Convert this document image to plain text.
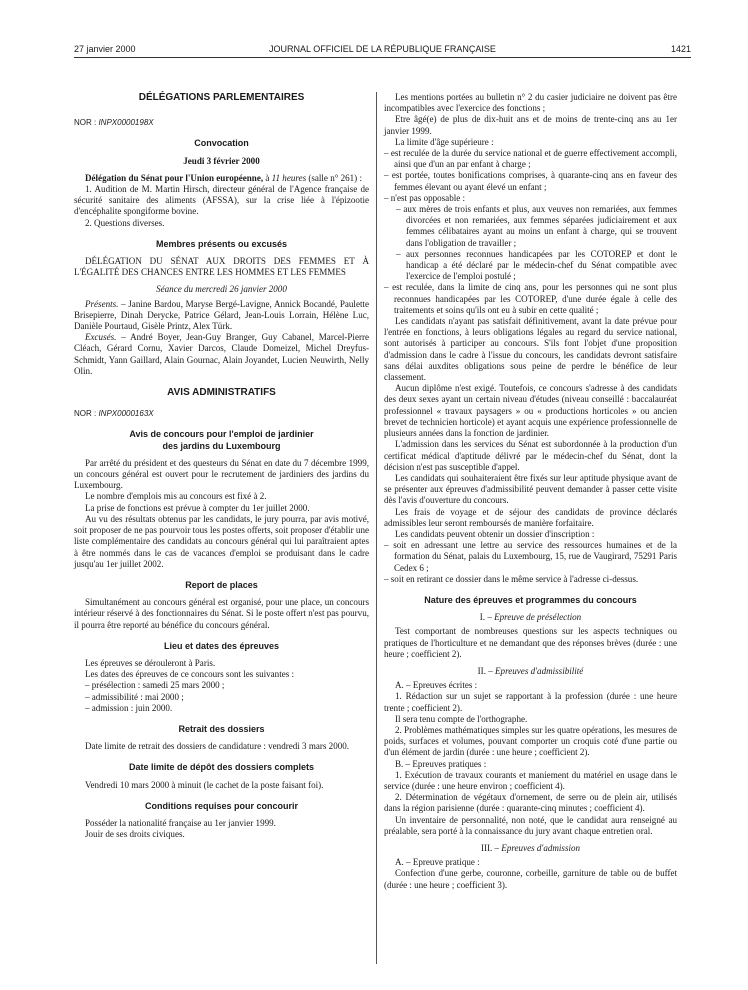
27 janvier 2000	JOURNAL OFFICIEL DE LA RÉPUBLIQUE FRANÇAISE	1421

DÉLÉGATIONS PARLEMENTAIRES

NOR : INPX0000198X

Convocation

Jeudi 3 février 2000

Délégation du Sénat pour l'Union européenne, à 11 heures (salle n° 261) :

1. Audition de M. Martin Hirsch, directeur général de l'Agence française de sécurité sanitaire des aliments (AFSSA), sur la crise liée à l'épizootie d'encéphalite spongiforme bovine.

2. Questions diverses.

Membres présents ou excusés

DÉLÉGATION DU SÉNAT AUX DROITS DES FEMMES ET À L'ÉGALITÉ DES CHANCES ENTRE LES HOMMES ET LES FEMMES

Séance du mercredi 26 janvier 2000

Présents. – Janine Bardou, Maryse Bergé-Lavigne, Annick Bocandé, Paulette Brisepierre, Dinah Derycke, Patrice Gélard, Jean-Louis Lorrain, Hélène Luc, Danièle Pourtaud, Gisèle Printz, Alex Türk.

Excusés. – André Boyer, Jean-Guy Branger, Guy Cabanel, Marcel-Pierre Cléach, Gérard Cornu, Xavier Darcos, Claude Domeizel, Michel Dreyfus-Schmidt, Yann Gaillard, Alain Gournac, Alain Joyandet, Lucien Neuwirth, Nelly Olin.

AVIS ADMINISTRATIFS

NOR : INPX0000163X

Avis de concours pour l'emploi de jardinier

des jardins du Luxembourg

Par arrêté du président et des questeurs du Sénat en date du 7 décembre 1999, un concours général est ouvert pour le recrutement de jardiniers des jardins du Luxembourg.

Le nombre d'emplois mis au concours est fixé à 2.

La prise de fonctions est prévue à compter du 1er juillet 2000.

Au vu des résultats obtenus par les candidats, le jury pourra, par avis motivé, soit proposer de ne pas pourvoir tous les postes offerts, soit proposer d'établir une liste complémentaire des candidats au concours général qui lui paraîtraient aptes à être nommés dans le cas de vacances d'emploi se produisant dans le cadre jusqu'au 1er juillet 2002.

Report de places

Simultanément au concours général est organisé, pour une place, un concours intérieur réservé à des fonctionnaires du Sénat. Si le poste offert n'est pas pourvu, il pourra être reporté au bénéfice du concours général.

Lieu et dates des épreuves

Les épreuves se dérouleront à Paris.

Les dates des épreuves de ce concours sont les suivantes :

– présélection : samedi 25 mars 2000 ;

– admissibilité : mai 2000 ;

– admission : juin 2000.

Retrait des dossiers

Date limite de retrait des dossiers de candidature : vendredi 3 mars 2000.

Date limite de dépôt des dossiers complets

Vendredi 10 mars 2000 à minuit (le cachet de la poste faisant foi).

Conditions requises pour concourir

Posséder la nationalité française au 1er janvier 1999.

Jouir de ses droits civiques.

Les mentions portées au bulletin n° 2 du casier judiciaire ne doivent pas être incompatibles avec l'exercice des fonctions ;

Etre âgé(e) de plus de dix-huit ans et de moins de trente-cinq ans au 1er janvier 1999.

La limite d'âge supérieure :

– est reculée de la durée du service national et de guerre effectivement accompli, ainsi que d'un an par enfant à charge ;

– est portée, toutes bonifications comprises, à quarante-cinq ans en faveur des femmes élevant ou ayant élevé un enfant ;

– n'est pas opposable :

– aux mères de trois enfants et plus, aux veuves non remariées, aux femmes divorcées et non remariées, aux femmes séparées judiciairement et aux femmes célibataires ayant au moins un enfant à charge, qui se trouvent dans l'obligation de travailler ;

– aux personnes reconnues handicapées par les COTOREP et dont le handicap a été déclaré par le médecin-chef du Sénat compatible avec l'exercice de l'emploi postulé ;

– est reculée, dans la limite de cinq ans, pour les personnes qui ne sont plus reconnues handicapées par les COTOREP, d'une durée égale à celle des traitements et soins qu'ils ont eu à subir en cette qualité ;

Les candidats n'ayant pas satisfait définitivement, avant la date prévue pour l'entrée en fonctions, à leurs obligations légales au regard du service national, sont autorisés à participer au concours. S'ils font l'objet d'une proposition d'admission dans le cadre à l'issue du concours, les candidats devront satisfaire sans délai auxdites obligations sous peine de perdre le bénéfice de leur classement.

Aucun diplôme n'est exigé. Toutefois, ce concours s'adresse à des candidats des deux sexes ayant un certain niveau d'études (niveau conseillé : baccalauréat professionnel « travaux paysagers » ou « productions horticoles » ou ancien brevet de technicien horticole) et ayant acquis une expérience professionnelle de plusieurs années dans la fonction de jardinier.

L'admission dans les services du Sénat est subordonnée à la production d'un certificat médical d'aptitude délivré par le médecin-chef du Sénat, dont la décision n'est pas susceptible d'appel.

Les candidats qui souhaiteraient être fixés sur leur aptitude physique avant de se présenter aux épreuves d'admissibilité peuvent demander à passer cette visite dès l'avis d'ouverture du concours.

Les frais de voyage et de séjour des candidats de province déclarés admissibles leur seront remboursés de manière forfaitaire.

Les candidats peuvent obtenir un dossier d'inscription :

– soit en adressant une lettre au service des ressources humaines et de la formation du Sénat, palais du Luxembourg, 15, rue de Vaugirard, 75291 Paris Cedex 6 ;

– soit en retirant ce dossier dans le même service à l'adresse ci-dessus.

Nature des épreuves et programmes du concours

I. – Epreuve de présélection

Test comportant de nombreuses questions sur les aspects techniques ou pratiques de l'horticulture et ne demandant que des réponses brèves (durée : une heure ; coefficient 2).

II. – Epreuves d'admissibilité

A. – Epreuves écrites :

1. Rédaction sur un sujet se rapportant à la profession (durée : une heure trente ; coefficient 2).

Il sera tenu compte de l'orthographe.

2. Problèmes mathématiques simples sur les quatre opérations, les mesures de poids, surfaces et volumes, pouvant comporter un croquis coté d'une partie ou d'un élément de jardin (durée : une heure ; coefficient 2).

B. – Epreuves pratiques :

1. Exécution de travaux courants et maniement du matériel en usage dans le service (durée : une heure environ ; coefficient 4).

2. Détermination de végétaux d'ornement, de serre ou de plein air, utilisés dans la région parisienne (durée : quarante-cinq minutes ; coefficient 4).

Un inventaire de personnalité, non noté, que le candidat aura renseigné au préalable, sera porté à la connaissance du jury avant chaque entretien oral.

III. – Epreuves d'admission

A. – Epreuve pratique :

Confection d'une gerbe, couronne, corbeille, garniture de table ou de buffet (durée : une heure ; coefficient 3).
